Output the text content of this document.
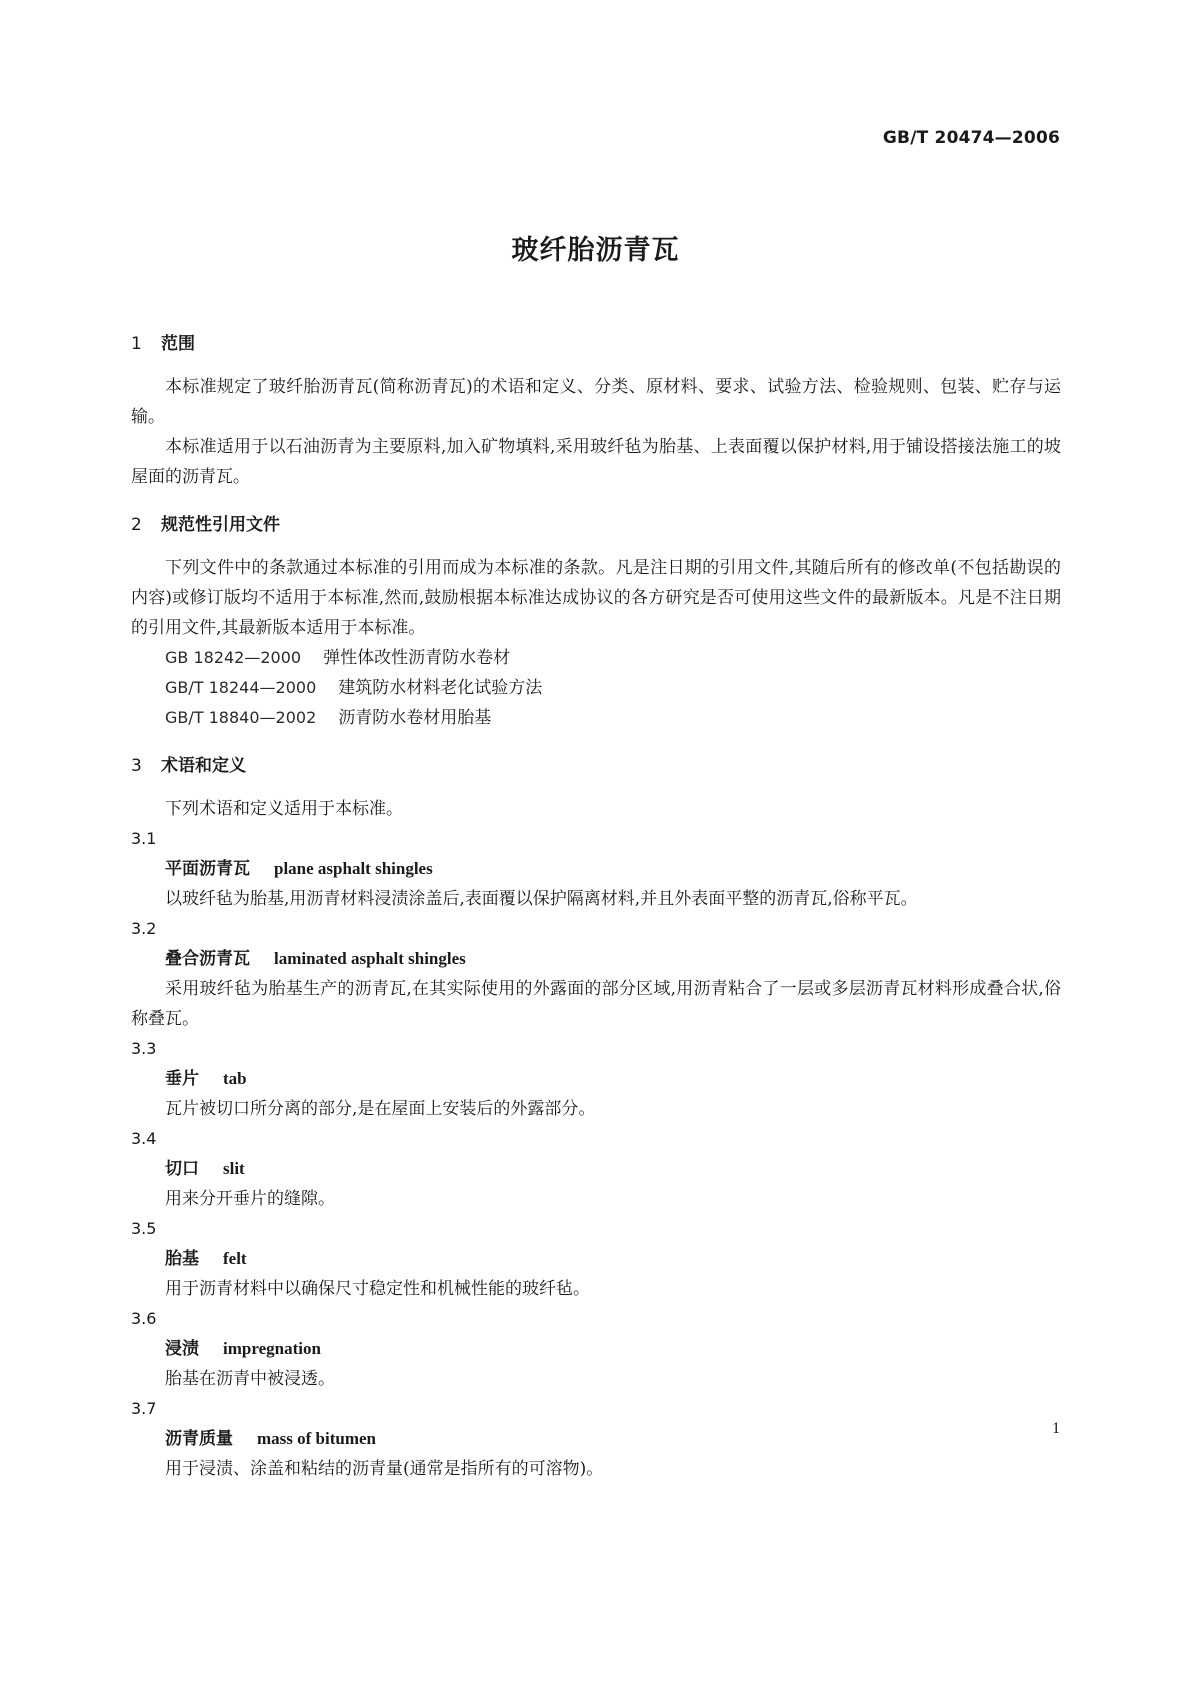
GB/T 20474—2006
玻纤胎沥青瓦
1 范围

本标准规定了玻纤胎沥青瓦(简称沥青瓦)的术语和定义、分类、原材料、要求、试验方法、检验规则、包装、贮存与运输。

本标准适用于以石油沥青为主要原料,加入矿物填料,采用玻纤毡为胎基、上表面覆以保护材料,用于铺设搭接法施工的坡屋面的沥青瓦。

2 规范性引用文件

下列文件中的条款通过本标准的引用而成为本标准的条款。凡是注日期的引用文件,其随后所有的修改单(不包括勘误的内容)或修订版均不适用于本标准,然而,鼓励根据本标准达成协议的各方研究是否可使用这些文件的最新版本。凡是不注日期的引用文件,其最新版本适用于本标准。

GB 18242—2000 弹性体改性沥青防水卷材

GB/T 18244—2000 建筑防水材料老化试验方法

GB/T 18840—2002 沥青防水卷材用胎基

3 术语和定义

下列术语和定义适用于本标准。

3.1

平面沥青瓦 plane asphalt shingles

以玻纤毡为胎基,用沥青材料浸渍涂盖后,表面覆以保护隔离材料,并且外表面平整的沥青瓦,俗称平瓦。

3.2

叠合沥青瓦 laminated asphalt shingles

采用玻纤毡为胎基生产的沥青瓦,在其实际使用的外露面的部分区域,用沥青粘合了一层或多层沥青瓦材料形成叠合状,俗称叠瓦。

3.3

垂片 tab

瓦片被切口所分离的部分,是在屋面上安装后的外露部分。

3.4

切口 slit

用来分开垂片的缝隙。

3.5

胎基 felt

用于沥青材料中以确保尺寸稳定性和机械性能的玻纤毡。

3.6

浸渍 impregnation

胎基在沥青中被浸透。

3.7

沥青质量 mass of bitumen

用于浸渍、涂盖和粘结的沥青量(通常是指所有的可溶物)。

1
